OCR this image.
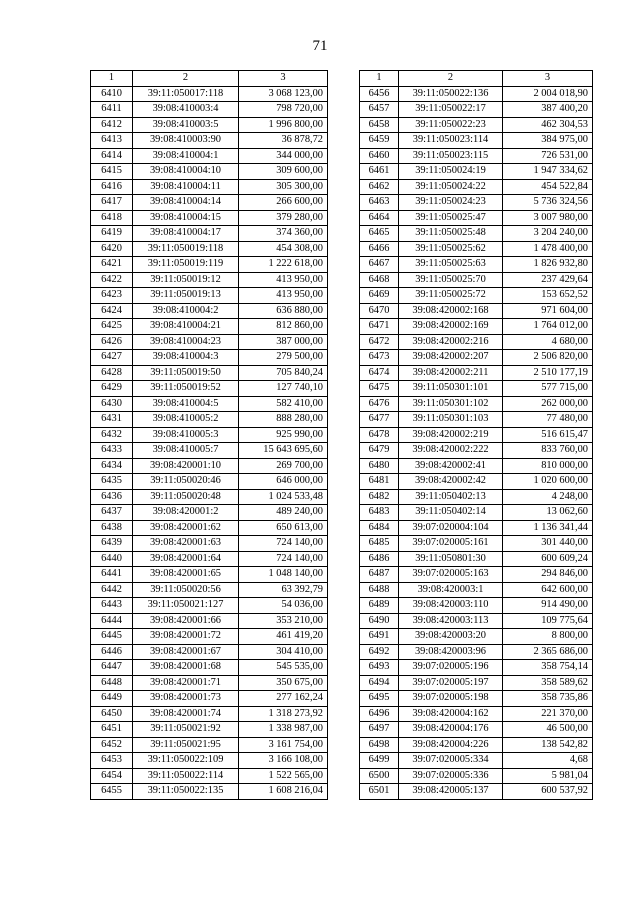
71
1	2	3
6410	39:11:050017:118	3 068 123,00
6411	39:08:410003:4	798 720,00
6412	39:08:410003:5	1 996 800,00
6413	39:08:410003:90	36 878,72
6414	39:08:410004:1	344 000,00
6415	39:08:410004:10	309 600,00
6416	39:08:410004:11	305 300,00
6417	39:08:410004:14	266 600,00
6418	39:08:410004:15	379 280,00
6419	39:08:410004:17	374 360,00
6420	39:11:050019:118	454 308,00
6421	39:11:050019:119	1 222 618,00
6422	39:11:050019:12	413 950,00
6423	39:11:050019:13	413 950,00
6424	39:08:410004:2	636 880,00
6425	39:08:410004:21	812 860,00
6426	39:08:410004:23	387 000,00
6427	39:08:410004:3	279 500,00
6428	39:11:050019:50	705 840,24
6429	39:11:050019:52	127 740,10
6430	39:08:410004:5	582 410,00
6431	39:08:410005:2	888 280,00
6432	39:08:410005:3	925 990,00
6433	39:08:410005:7	15 643 695,60
6434	39:08:420001:10	269 700,00
6435	39:11:050020:46	646 000,00
6436	39:11:050020:48	1 024 533,48
6437	39:08:420001:2	489 240,00
6438	39:08:420001:62	650 613,00
6439	39:08:420001:63	724 140,00
6440	39:08:420001:64	724 140,00
6441	39:08:420001:65	1 048 140,00
6442	39:11:050020:56	63 392,79
6443	39:11:050021:127	54 036,00
6444	39:08:420001:66	353 210,00
6445	39:08:420001:72	461 419,20
6446	39:08:420001:67	304 410,00
6447	39:08:420001:68	545 535,00
6448	39:08:420001:71	350 675,00
6449	39:08:420001:73	277 162,24
6450	39:08:420001:74	1 318 273,92
6451	39:11:050021:92	1 338 987,00
6452	39:11:050021:95	3 161 754,00
6453	39:11:050022:109	3 166 108,00
6454	39:11:050022:114	1 522 565,00
6455	39:11:050022:135	1 608 216,04
1	2	3
6456	39:11:050022:136	2 004 018,90
6457	39:11:050022:17	387 400,20
6458	39:11:050022:23	462 304,53
6459	39:11:050023:114	384 975,00
6460	39:11:050023:115	726 531,00
6461	39:11:050024:19	1 947 334,62
6462	39:11:050024:22	454 522,84
6463	39:11:050024:23	5 736 324,56
6464	39:11:050025:47	3 007 980,00
6465	39:11:050025:48	3 204 240,00
6466	39:11:050025:62	1 478 400,00
6467	39:11:050025:63	1 826 932,80
6468	39:11:050025:70	237 429,64
6469	39:11:050025:72	153 652,52
6470	39:08:420002:168	971 604,00
6471	39:08:420002:169	1 764 012,00
6472	39:08:420002:216	4 680,00
6473	39:08:420002:207	2 506 820,00
6474	39:08:420002:211	2 510 177,19
6475	39:11:050301:101	577 715,00
6476	39:11:050301:102	262 000,00
6477	39:11:050301:103	77 480,00
6478	39:08:420002:219	516 615,47
6479	39:08:420002:222	833 760,00
6480	39:08:420002:41	810 000,00
6481	39:08:420002:42	1 020 600,00
6482	39:11:050402:13	4 248,00
6483	39:11:050402:14	13 062,60
6484	39:07:020004:104	1 136 341,44
6485	39:07:020005:161	301 440,00
6486	39:11:050801:30	600 609,24
6487	39:07:020005:163	294 846,00
6488	39:08:420003:1	642 600,00
6489	39:08:420003:110	914 490,00
6490	39:08:420003:113	109 775,64
6491	39:08:420003:20	8 800,00
6492	39:08:420003:96	2 365 686,00
6493	39:07:020005:196	358 754,14
6494	39:07:020005:197	358 589,62
6495	39:07:020005:198	358 735,86
6496	39:08:420004:162	221 370,00
6497	39:08:420004:176	46 500,00
6498	39:08:420004:226	138 542,82
6499	39:07:020005:334	4,68
6500	39:07:020005:336	5 981,04
6501	39:08:420005:137	600 537,92
